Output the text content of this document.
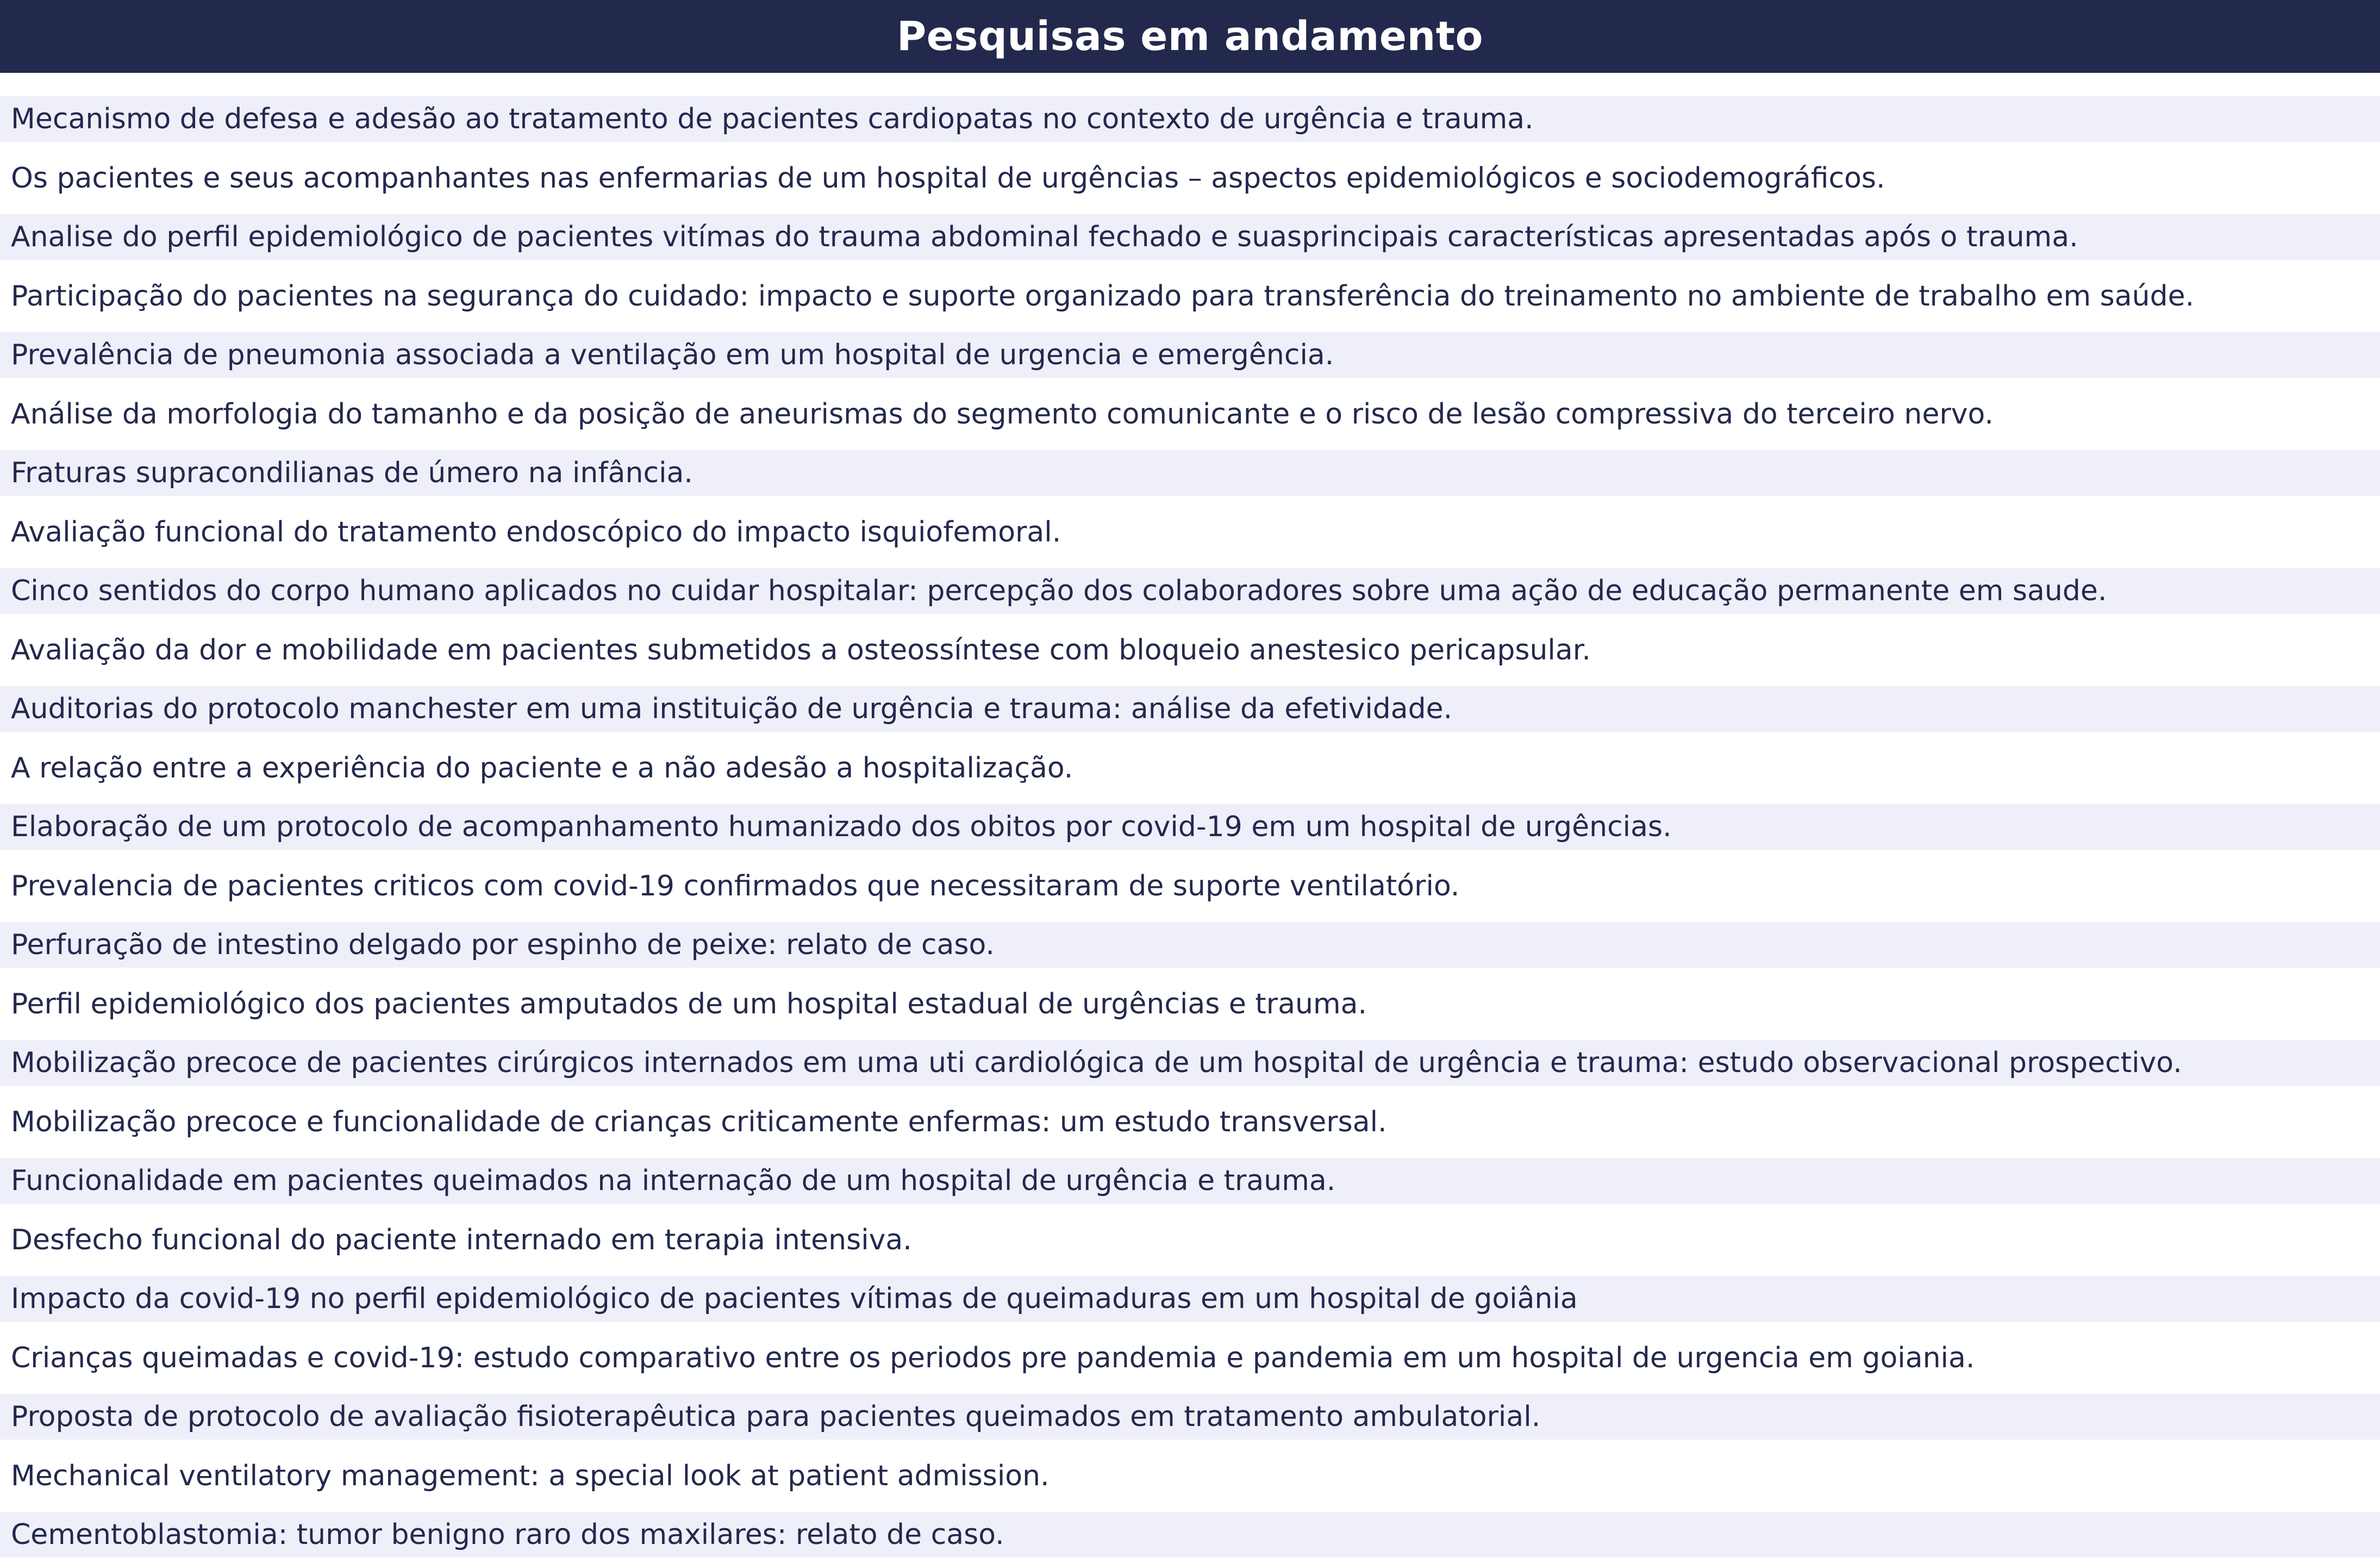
Pesquisas em andamento
Mecanismo de defesa e adesão ao tratamento de pacientes cardiopatas no contexto de urgência e trauma.
Os pacientes e seus acompanhantes nas enfermarias de um hospital de urgências – aspectos epidemiológicos e sociodemográficos.
Analise do perfil epidemiológico de pacientes vitímas do trauma abdominal fechado e suasprincipais características apresentadas após o trauma.
Participação do pacientes na segurança do cuidado: impacto e suporte organizado para transferência do treinamento no ambiente de trabalho em saúde.
Prevalência de pneumonia associada a ventilação em um hospital de urgencia e emergência.
Análise da morfologia do tamanho e da posição de aneurismas do segmento comunicante e o risco de lesão compressiva do terceiro nervo.
Fraturas supracondilianas de úmero na infância.
Avaliação funcional do tratamento endoscópico do impacto isquiofemoral.
Cinco sentidos do corpo humano aplicados no cuidar hospitalar: percepção dos colaboradores sobre uma ação de educação permanente em saude.
Avaliação da dor e mobilidade em pacientes submetidos a osteossíntese com bloqueio anestesico pericapsular.
Auditorias do protocolo manchester em uma instituição de urgência e trauma: análise da efetividade.
A relação entre a experiência do paciente e a não adesão a hospitalização.
Elaboração de um protocolo de acompanhamento humanizado dos obitos por covid-19 em um hospital de urgências.
Prevalencia de pacientes criticos com covid-19 confirmados que necessitaram de suporte ventilatório.
Perfuração de intestino delgado por espinho de peixe: relato de caso.
Perfil epidemiológico dos pacientes amputados de um hospital estadual de urgências e trauma.
Mobilização precoce de pacientes cirúrgicos internados em uma uti cardiológica de um hospital de urgência e trauma: estudo observacional prospectivo.
Mobilização precoce e funcionalidade de crianças criticamente enfermas: um estudo transversal.
Funcionalidade em pacientes queimados na internação de um hospital de urgência e trauma.
Desfecho funcional do paciente internado em terapia intensiva.
Impacto da covid-19 no perfil epidemiológico de pacientes vítimas de queimaduras em um hospital de goiânia
Crianças queimadas e covid-19: estudo comparativo entre os periodos pre pandemia e pandemia em um hospital de urgencia em goiania.
Proposta de protocolo de avaliação fisioterapêutica para pacientes queimados em tratamento ambulatorial.
Mechanical ventilatory management: a special look at patient admission.
Cementoblastomia: tumor benigno raro dos maxilares: relato de caso.
